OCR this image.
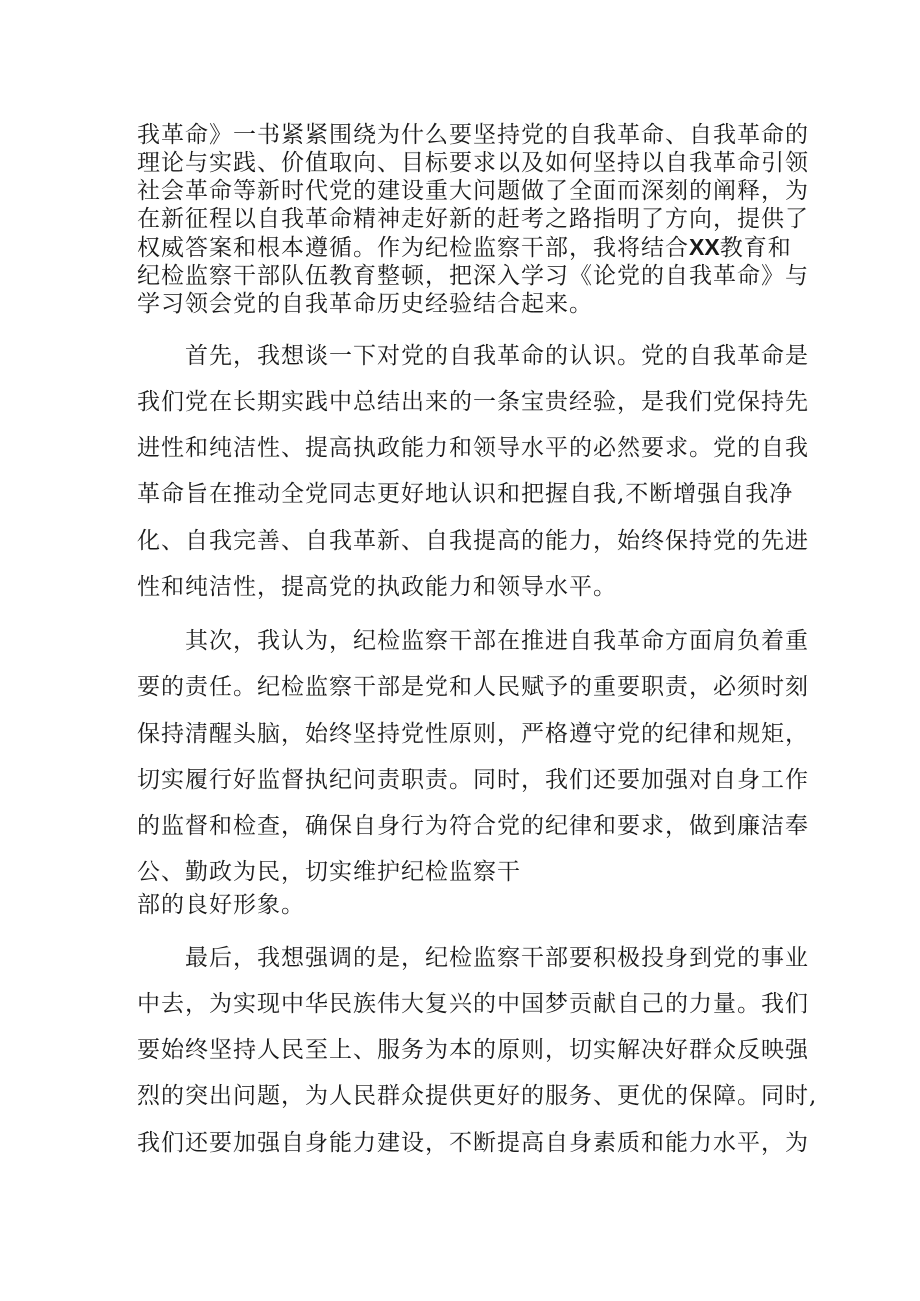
我革命》一书紧紧围绕为什么要坚持党的自我革命、自我革命的
理论与实践、价值取向、目标要求以及如何坚持以自我革命引领
社会革命等新时代党的建设重大问题做了全面而深刻的阐释，为
在新征程以自我革命精神走好新的赶考之路指明了方向，提供了
权威答案和根本遵循。作为纪检监察干部，我将结合XX教育和
纪检监察干部队伍教育整顿，把深入学习《论党的自我革命》与
学习领会党的自我革命历史经验结合起来。
首先，我想谈一下对党的自我革命的认识。党的自我革命是
我们党在长期实践中总结出来的一条宝贵经验，是我们党保持先
进性和纯洁性、提高执政能力和领导水平的必然要求。党的自我
革命旨在推动全党同志更好地认识和把握自我,不断增强自我净
化、自我完善、自我革新、自我提高的能力，始终保持党的先进
性和纯洁性，提高党的执政能力和领导水平。
其次，我认为，纪检监察干部在推进自我革命方面肩负着重
要的责任。纪检监察干部是党和人民赋予的重要职责，必须时刻
保持清醒头脑，始终坚持党性原则，严格遵守党的纪律和规矩，
切实履行好监督执纪问责职责。同时，我们还要加强对自身工作
的监督和检查，确保自身行为符合党的纪律和要求，做到廉洁奉
公、勤政为民，切实维护纪检监察干
部的良好形象。
最后，我想强调的是，纪检监察干部要积极投身到党的事业
中去，为实现中华民族伟大复兴的中国梦贡献自己的力量。我们
要始终坚持人民至上、服务为本的原则，切实解决好群众反映强
烈的突出问题，为人民群众提供更好的服务、更优的保障。同时,
我们还要加强自身能力建设，不断提高自身素质和能力水平，为
